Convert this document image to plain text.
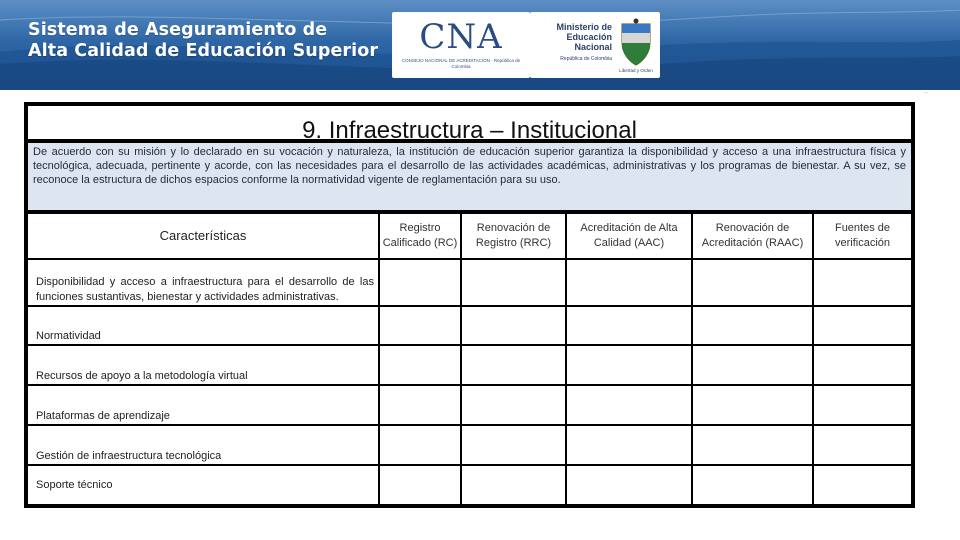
Sistema de Aseguramiento de
Alta Calidad de Educación Superior	CNA
CONSEJO NACIONAL DE ACREDITACIÓN · República de Colombia
Ministerio de
Educación Nacional
República de Colombia
Libertad y Orden
··
9. Infraestructura – Institucional
De acuerdo con su misión y lo declarado en su vocación y naturaleza, la institución de educación superior garantiza la disponibilidad y acceso a una infraestructura física y tecnológica, adecuada, pertinente y acorde, con las necesidades para el desarrollo de las actividades académicas, administrativas y los programas de bienestar. A su vez, se reconoce la estructura de dichos espacios conforme la normatividad vigente de reglamentación para su uso.
Características
Registro Calificado (RC)
Renovación de Registro (RRC)
Acreditación de Alta Calidad (AAC)
Renovación de Acreditación (RAAC)
Fuentes de verificación
Disponibilidad y acceso a infraestructura para el desarrollo de las funciones sustantivas, bienestar y actividades administrativas.
Normatividad
Recursos de apoyo a la metodología virtual
Plataformas de aprendizaje
Gestión de infraestructura tecnológica
Soporte técnico
